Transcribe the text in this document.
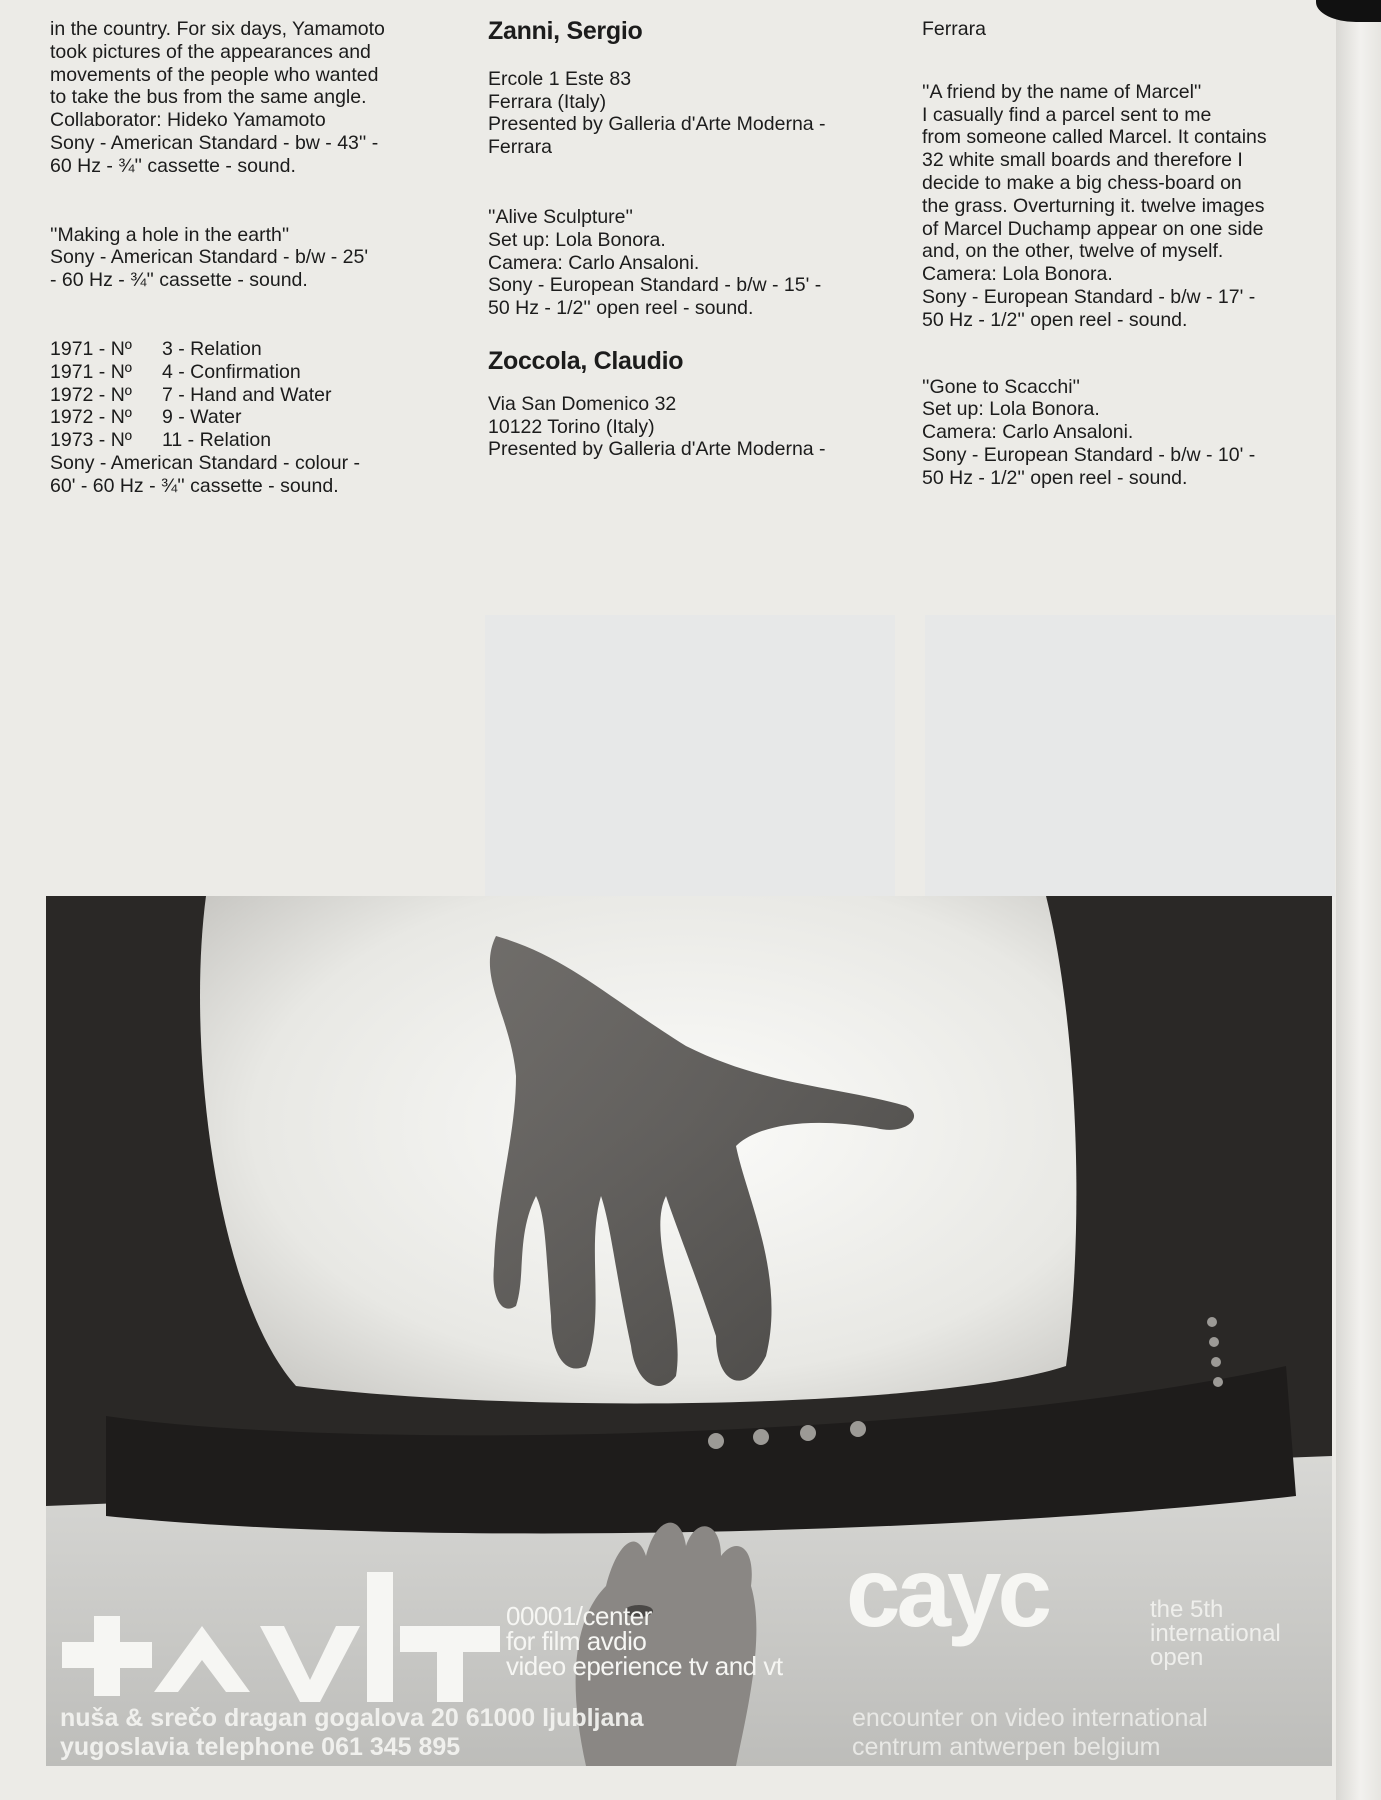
in the country. For six days, Yamamoto

took pictures of the appearances and

movements of the people who wanted

to take the bus from the same angle.

Collaborator: Hideko Yamamoto

Sony - American Standard - bw - 43'' -

60 Hz - ¾'' cassette - sound.

''Making a hole in the earth''

Sony - American Standard - b/w - 25'

- 60 Hz - ¾'' cassette - sound.

1971 - Nº	3 - Relation
1971 - Nº	4 - Confirmation
1972 - Nº	7 - Hand and Water
1972 - Nº	9 - Water
1973 - Nº	11 - Relation

Sony - American Standard - colour -

60' - 60 Hz - ¾'' cassette - sound.

Zanni, Sergio

Ercole 1 Este 83

Ferrara (Italy)

Presented by Galleria d'Arte Moderna -

Ferrara

''Alive Sculpture''

Set up: Lola Bonora.

Camera: Carlo Ansaloni.

Sony - European Standard - b/w - 15' -

50 Hz - 1/2'' open reel - sound.

Zoccola, Claudio

Via San Domenico 32

10122 Torino (Italy)

Presented by Galleria d'Arte Moderna -

Ferrara

''A friend by the name of Marcel''

I casually find a parcel sent to me

from someone called Marcel. It contains

32 white small boards and therefore I

decide to make a big chess-board on

the grass. Overturning it. twelve images

of Marcel Duchamp appear on one side

and, on the other, twelve of myself.

Camera: Lola Bonora.

Sony - European Standard - b/w - 17' -

50 Hz - 1/2'' open reel - sound.

''Gone to Scacchi''

Set up: Lola Bonora.

Camera: Carlo Ansaloni.

Sony - European Standard - b/w - 10' -

50 Hz - 1/2'' open reel - sound.

00001/center
for film avdio
video eperience tv and vt
nuša & srečo dragan gogalova 20 61000 ljubljana
yugoslavia telephone 061 345 895
cayc	the 5th
international
open
encounter on video international
centrum antwerpen belgium
